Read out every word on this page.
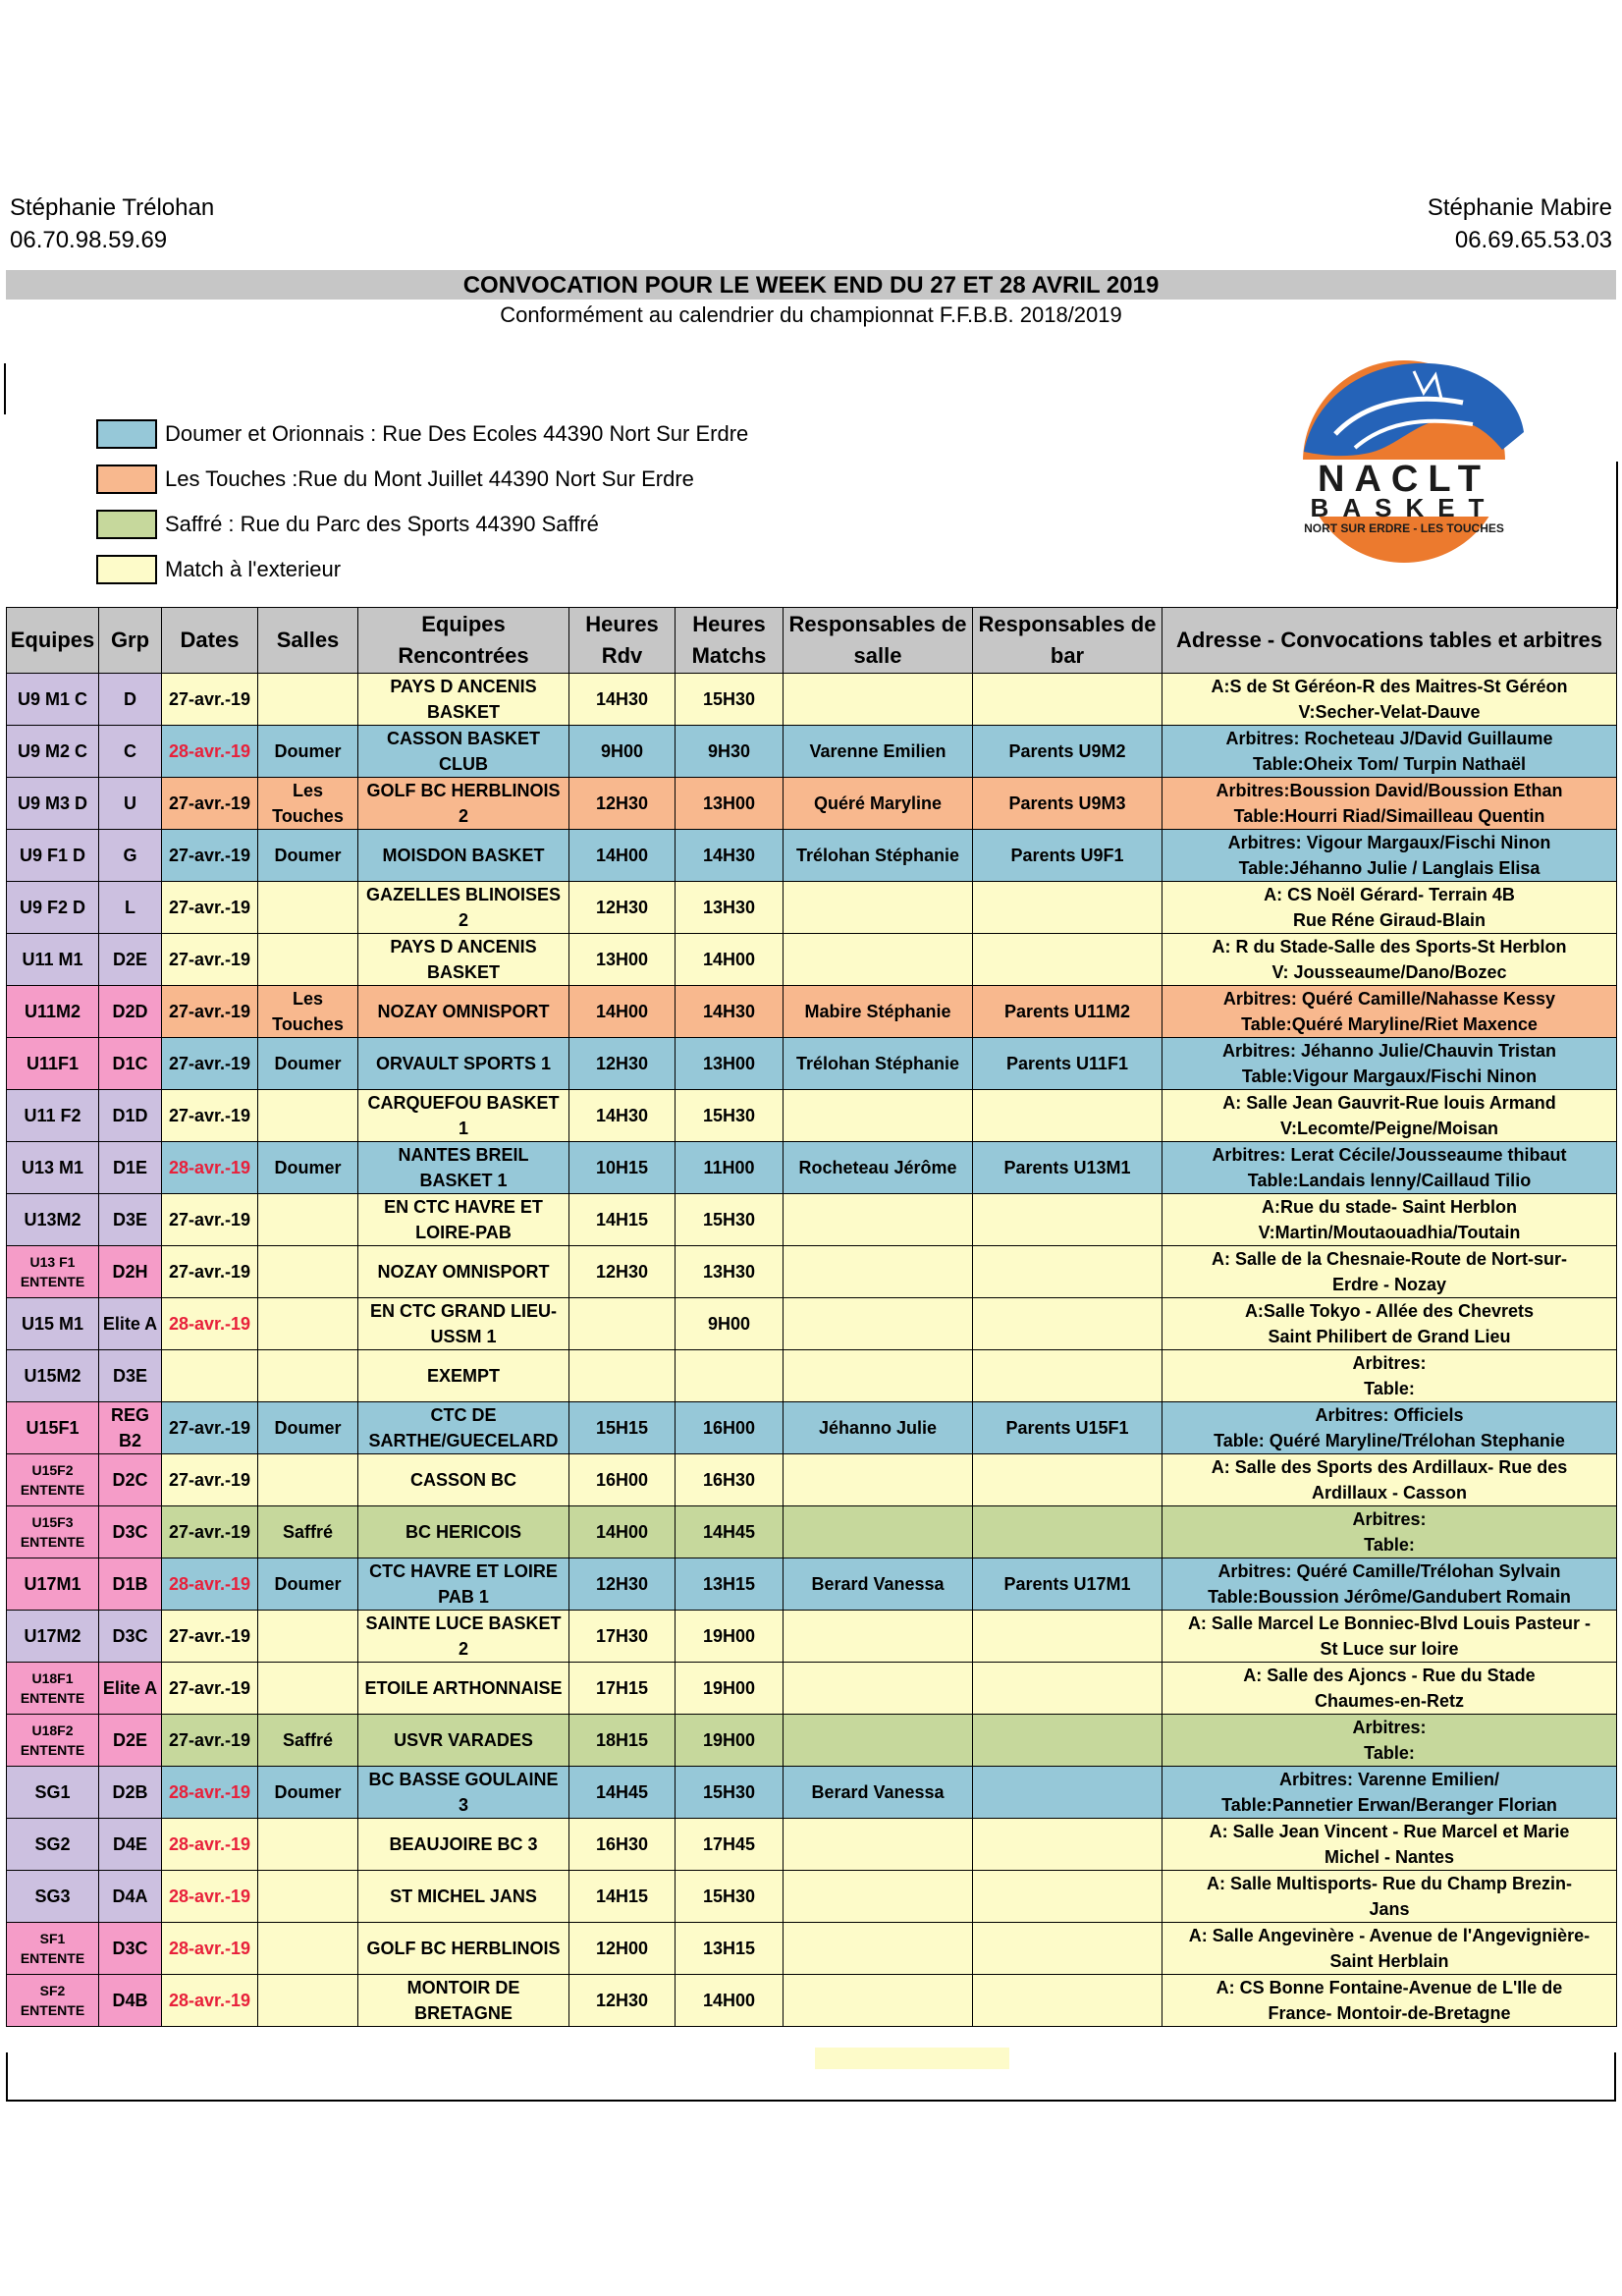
Stéphanie Trélohan
06.70.98.59.69
Stéphanie Mabire
06.69.65.53.03
CONVOCATION POUR LE WEEK END DU 27 ET 28 AVRIL 2019
Conformément au calendrier du championnat F.F.B.B. 2018/2019
Doumer et Orionnais : Rue Des Ecoles 44390 Nort Sur Erdre
Les Touches :Rue du Mont Juillet 44390 Nort Sur Erdre
Saffré : Rue du Parc des Sports 44390 Saffré
Match à l'exterieur
NACLT
BASKET
NORT SUR ERDRE - LES TOUCHES
Equipes	Grp	Dates	Salles	Equipes Rencontrées	Heures Rdv	Heures Matchs	Responsables de salle	Responsables de bar	Adresse - Convocations tables et arbitres
U9 M1 C	D	27-avr.-19		PAYS D ANCENIS BASKET	14H30	15H30			A:S de St Géréon-R des Maitres-St Géréon
V:Secher-Velat-Dauve
U9 M2 C	C	28-avr.-19	Doumer	CASSON BASKET CLUB	9H00	9H30	Varenne Emilien	Parents U9M2	Arbitres: Rocheteau J/David Guillaume
Table:Oheix Tom/ Turpin Nathaël
U9 M3 D	U	27-avr.-19	Les Touches	GOLF BC HERBLINOIS 2	12H30	13H00	Quéré Maryline	Parents U9M3	Arbitres:Boussion David/Boussion Ethan
Table:Hourri Riad/Simailleau Quentin
U9 F1 D	G	27-avr.-19	Doumer	MOISDON BASKET	14H00	14H30	Trélohan Stéphanie	Parents U9F1	Arbitres: Vigour Margaux/Fischi Ninon
Table:Jéhanno Julie / Langlais Elisa
U9 F2 D	L	27-avr.-19		GAZELLES BLINOISES 2	12H30	13H30			A: CS Noël Gérard- Terrain 4B
Rue Réne Giraud-Blain
U11 M1	D2E	27-avr.-19		PAYS D ANCENIS BASKET	13H00	14H00			A: R du Stade-Salle des Sports-St Herblon
V: Jousseaume/Dano/Bozec
U11M2	D2D	27-avr.-19	Les Touches	NOZAY OMNISPORT	14H00	14H30	Mabire Stéphanie	Parents U11M2	Arbitres: Quéré Camille/Nahasse Kessy
Table:Quéré Maryline/Riet Maxence
U11F1	D1C	27-avr.-19	Doumer	ORVAULT SPORTS 1	12H30	13H00	Trélohan Stéphanie	Parents U11F1	Arbitres: Jéhanno Julie/Chauvin Tristan
Table:Vigour Margaux/Fischi Ninon
U11 F2	D1D	27-avr.-19		CARQUEFOU BASKET 1	14H30	15H30			A: Salle Jean Gauvrit-Rue louis Armand
V:Lecomte/Peigne/Moisan
U13 M1	D1E	28-avr.-19	Doumer	NANTES BREIL BASKET 1	10H15	11H00	Rocheteau Jérôme	Parents U13M1	Arbitres: Lerat Cécile/Jousseaume thibaut
Table:Landais lenny/Caillaud Tilio
U13M2	D3E	27-avr.-19		EN CTC HAVRE ET LOIRE-PAB	14H15	15H30			A:Rue du stade- Saint Herblon
V:Martin/Moutaouadhia/Toutain
U13 F1 ENTENTE	D2H	27-avr.-19		NOZAY OMNISPORT	12H30	13H30			A: Salle de la Chesnaie-Route de Nort-sur-
Erdre - Nozay
U15 M1	Elite A	28-avr.-19		EN CTC GRAND LIEU-USSM 1		9H00			A:Salle Tokyo - Allée des Chevrets
Saint Philibert de Grand Lieu
U15M2	D3E			EXEMPT					Arbitres:
Table:
U15F1	REG B2	27-avr.-19	Doumer	CTC DE SARTHE/GUECELARD	15H15	16H00	Jéhanno Julie	Parents U15F1	Arbitres: Officiels
Table: Quéré Maryline/Trélohan Stephanie
U15F2 ENTENTE	D2C	27-avr.-19		CASSON BC	16H00	16H30			A: Salle des Sports des Ardillaux- Rue des
Ardillaux - Casson
U15F3 ENTENTE	D3C	27-avr.-19	Saffré	BC HERICOIS	14H00	14H45			Arbitres:
Table:
U17M1	D1B	28-avr.-19	Doumer	CTC HAVRE ET LOIRE PAB 1	12H30	13H15	Berard Vanessa	Parents U17M1	Arbitres: Quéré Camille/Trélohan Sylvain
Table:Boussion Jérôme/Gandubert Romain
U17M2	D3C	27-avr.-19		SAINTE LUCE BASKET 2	17H30	19H00			A: Salle Marcel Le Bonniec-Blvd Louis Pasteur -
St Luce sur loire
U18F1 ENTENTE	Elite A	27-avr.-19		ETOILE ARTHONNAISE	17H15	19H00			A: Salle des Ajoncs - Rue du Stade
Chaumes-en-Retz
U18F2 ENTENTE	D2E	27-avr.-19	Saffré	USVR VARADES	18H15	19H00			Arbitres:
Table:
SG1	D2B	28-avr.-19	Doumer	BC BASSE GOULAINE 3	14H45	15H30	Berard Vanessa		Arbitres: Varenne Emilien/
Table:Pannetier Erwan/Beranger Florian
SG2	D4E	28-avr.-19		BEAUJOIRE BC 3	16H30	17H45			A: Salle Jean Vincent - Rue Marcel et Marie
Michel - Nantes
SG3	D4A	28-avr.-19		ST MICHEL JANS	14H15	15H30			A: Salle Multisports- Rue du Champ Brezin-
Jans
SF1 ENTENTE	D3C	28-avr.-19		GOLF BC HERBLINOIS	12H00	13H15			A: Salle Angevinère - Avenue de l'Angevignière-
Saint Herblain
SF2 ENTENTE	D4B	28-avr.-19		MONTOIR DE BRETAGNE	12H30	14H00			A: CS Bonne Fontaine-Avenue de L'Ile de
France- Montoir-de-Bretagne
